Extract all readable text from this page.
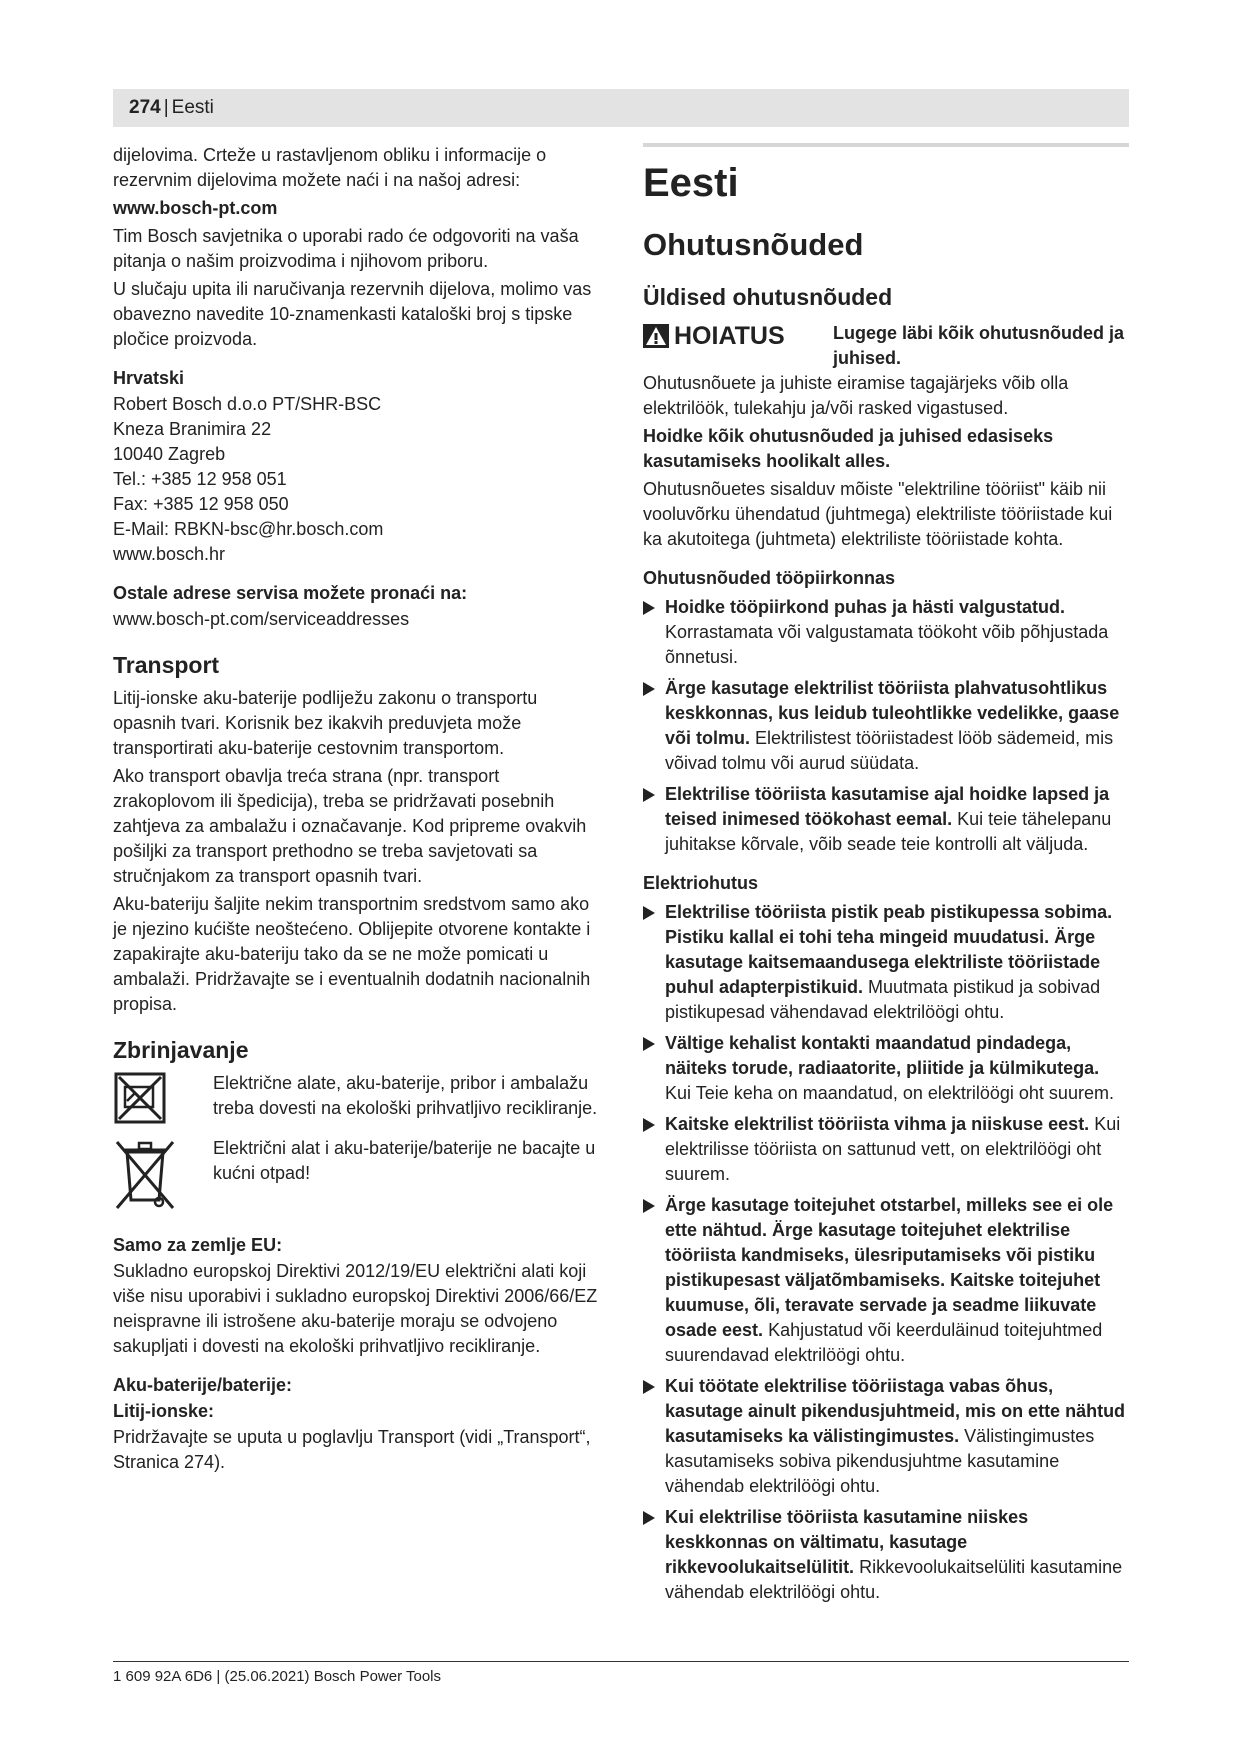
274 | Eesti

dijelovima. Crteže u rastavljenom obliku i informacije o rezervnim dijelovima možete naći i na našoj adresi:

www.bosch-pt.com

Tim Bosch savjetnika o uporabi rado će odgovoriti na vaša pitanja o našim proizvodima i njihovom priboru.

U slučaju upita ili naručivanja rezervnih dijelova, molimo vas obavezno navedite 10-znamenkasti kataloški broj s tipske pločice proizvoda.

Hrvatski

Robert Bosch d.o.o PT/SHR-BSC

Kneza Branimira 22

10040 Zagreb

Tel.: +385 12 958 051

Fax: +385 12 958 050

E-Mail: RBKN-bsc@hr.bosch.com

www.bosch.hr

Ostale adrese servisa možete pronaći na:

www.bosch-pt.com/serviceaddresses

Transport

Litij-ionske aku-baterije podliježu zakonu o transportu opasnih tvari. Korisnik bez ikakvih preduvjeta može transportirati aku-baterije cestovnim transportom.

Ako transport obavlja treća strana (npr. transport zrakoplovom ili špedicija), treba se pridržavati posebnih zahtjeva za ambalažu i označavanje. Kod pripreme ovakvih pošiljki za transport prethodno se treba savjetovati sa stručnjakom za transport opasnih tvari.

Aku-bateriju šaljite nekim transportnim sredstvom samo ako je njezino kućište neoštećeno. Oblijepite otvorene kontakte i zapakirajte aku-bateriju tako da se ne može pomicati u ambalaži. Pridržavajte se i eventualnih dodatnih nacionalnih propisa.

Zbrinjavanje
Električne alate, aku-baterije, pribor i ambalažu treba dovesti na ekološki prihvatljivo recikliranje.
Električni alat i aku-baterije/baterije ne bacajte u kućni otpad!
Samo za zemlje EU:

Sukladno europskoj Direktivi 2012/19/EU električni alati koji više nisu uporabivi i sukladno europskoj Direktivi 2006/66/EZ neispravne ili istrošene aku-baterije moraju se odvojeno sakupljati i dovesti na ekološki prihvatljivo recikliranje.

Aku-baterije/baterije:
Litij-ionske:

Pridržavajte se uputa u poglavlju Transport (vidi „Transport“, Stranica 274).

Eesti
Ohutusnõuded
Üldised ohutusnõuded
HOIATUS	Lugege läbi kõik ohutusnõuded ja juhised.

Ohutusnõuete ja juhiste eiramise tagajärjeks võib olla elektrilöök, tulekahju ja/või rasked vigastused.

Hoidke kõik ohutusnõuded ja juhised edasiseks kasutamiseks hoolikalt alles.

Ohutusnõuetes sisalduv mõiste "elektriline tööriist" käib nii vooluvõrku ühendatud (juhtmega) elektriliste tööriistade kui ka akutoitega (juhtmeta) elektriliste tööriistade kohta.

Ohutusnõuded tööpiirkonnas
Hoidke tööpiirkond puhas ja hästi valgustatud. Korrastamata või valgustamata töökoht võib põhjustada õnnetusi.
Ärge kasutage elektrilist tööriista plahvatusohtlikus keskkonnas, kus leidub tuleohtlikke vedelikke, gaase või tolmu. Elektrilistest tööriistadest lööb sädemeid, mis võivad tolmu või aurud süüdata.
Elektrilise tööriista kasutamise ajal hoidke lapsed ja teised inimesed töökohast eemal. Kui teie tähelepanu juhitakse kõrvale, võib seade teie kontrolli alt väljuda.
Elektriohutus
Elektrilise tööriista pistik peab pistikupessa sobima. Pistiku kallal ei tohi teha mingeid muudatusi. Ärge kasutage kaitsemaandusega elektriliste tööriistade puhul adapterpistikuid. Muutmata pistikud ja sobivad pistikupesad vähendavad elektrilöögi ohtu.
Vältige kehalist kontakti maandatud pindadega, näiteks torude, radiaatorite, pliitide ja külmikutega. Kui Teie keha on maandatud, on elektrilöögi oht suurem.
Kaitske elektrilist tööriista vihma ja niiskuse eest. Kui elektrilisse tööriista on sattunud vett, on elektrilöögi oht suurem.
Ärge kasutage toitejuhet otstarbel, milleks see ei ole ette nähtud. Ärge kasutage toitejuhet elektrilise tööriista kandmiseks, ülesriputamiseks või pistiku pistikupesast väljatõmbamiseks. Kaitske toitejuhet kuumuse, õli, teravate servade ja seadme liikuvate osade eest. Kahjustatud või keerduläinud toitejuhtmed suurendavad elektrilöögi ohtu.
Kui töötate elektrilise tööriistaga vabas õhus, kasutage ainult pikendusjuhtmeid, mis on ette nähtud kasutamiseks ka välistingimustes. Välistingimustes kasutamiseks sobiva pikendusjuhtme kasutamine vähendab elektrilöögi ohtu.
Kui elektrilise tööriista kasutamine niiskes keskkonnas on vältimatu, kasutage rikkevoolukaitselülitit. Rikkevoolukaitselüliti kasutamine vähendab elektrilöögi ohtu.
1 609 92A 6D6 | (25.06.2021) Bosch Power Tools
